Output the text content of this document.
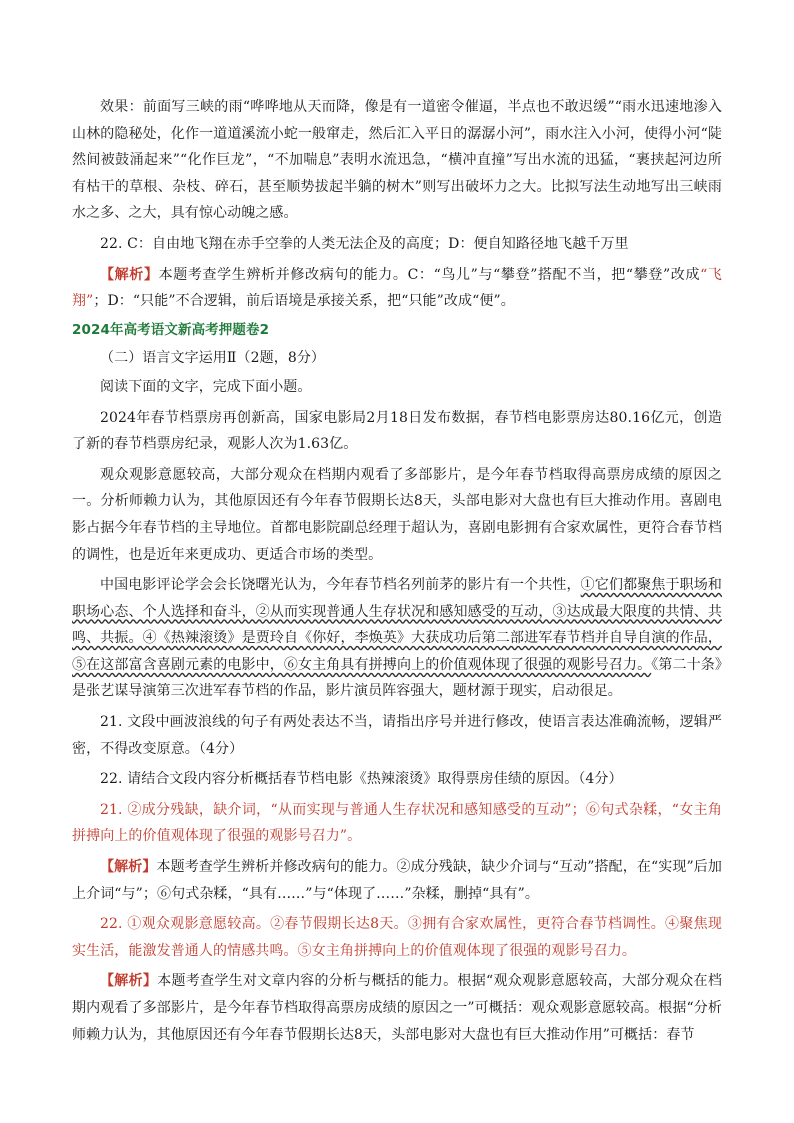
效果：前面写三峡的雨“哗哗地从天而降，像是有一道密令催逼，半点也不敢迟缓”“雨水迅速地渗入山林的隐秘处，化作一道道溪流小蛇一般窜走，然后汇入平日的潺潺小河”，雨水注入小河，使得小河“陡然间被鼓涌起来”“化作巨龙”，“不加喘息”表明水流迅急，“横冲直撞”写出水流的迅猛，“裹挟起河边所有枯干的草根、杂枝、碎石，甚至顺势拔起半躺的树木”则写出破坏力之大。比拟写法生动地写出三峡雨水之多、之大，具有惊心动魄之感。

22. C：自由地飞翔在赤手空拳的人类无法企及的高度；D：便自知路径地飞越千万里

【解析】本题考查学生辨析并修改病句的能力。C：“鸟儿”与“攀登”搭配不当，把“攀登”改成“飞翔”；D：“只能”不合逻辑，前后语境是承接关系，把“只能”改成“便”。

2024年高考语文新高考押题卷2

（二）语言文字运用Ⅱ（2题，8分）

阅读下面的文字，完成下面小题。

2024年春节档票房再创新高，国家电影局2月18日发布数据，春节档电影票房达80.16亿元，创造了新的春节档票房纪录，观影人次为1.63亿。

观众观影意愿较高，大部分观众在档期内观看了多部影片，是今年春节档取得高票房成绩的原因之一。分析师赖力认为，其他原因还有今年春节假期长达8天，头部电影对大盘也有巨大推动作用。喜剧电影占据今年春节档的主导地位。首都电影院副总经理于超认为，喜剧电影拥有合家欢属性，更符合春节档的调性，也是近年来更成功、更适合市场的类型。

中国电影评论学会会长饶曙光认为，今年春节档名列前茅的影片有一个共性，①它们都聚焦于职场和职场心态、个人选择和奋斗，②从而实现普通人生存状况和感知感受的互动，③达成最大限度的共情、共鸣、共振。④《热辣滚烫》是贾玲自《你好，李焕英》大获成功后第二部进军春节档并自导自演的作品，⑤在这部富含喜剧元素的电影中，⑥女主角具有拼搏向上的价值观体现了很强的观影号召力。《第二十条》是张艺谋导演第三次进军春节档的作品，影片演员阵容强大，题材源于现实，启动很足。

21. 文段中画波浪线的句子有两处表达不当，请指出序号并进行修改，使语言表达准确流畅，逻辑严密，不得改变原意。（4分）

22. 请结合文段内容分析概括春节档电影《热辣滚烫》取得票房佳绩的原因。（4分）

21. ②成分残缺，缺介词，“从而实现与普通人生存状况和感知感受的互动”；⑥句式杂糅，“女主角拼搏向上的价值观体现了很强的观影号召力”。

【解析】本题考查学生辨析并修改病句的能力。②成分残缺，缺少介词与“互动”搭配，在“实现”后加上介词“与”；⑥句式杂糅，“具有……”与“体现了……”杂糅，删掉“具有”。

22. ①观众观影意愿较高。②春节假期长达8天。③拥有合家欢属性，更符合春节档调性。④聚焦现实生活，能激发普通人的情感共鸣。⑤女主角拼搏向上的价值观体现了很强的观影号召力。

【解析】本题考查学生对文章内容的分析与概括的能力。根据“观众观影意愿较高，大部分观众在档期内观看了多部影片，是今年春节档取得高票房成绩的原因之一”可概括：观众观影意愿较高。根据“分析师赖力认为，其他原因还有今年春节假期长达8天，头部电影对大盘也有巨大推动作用”可概括：春节
